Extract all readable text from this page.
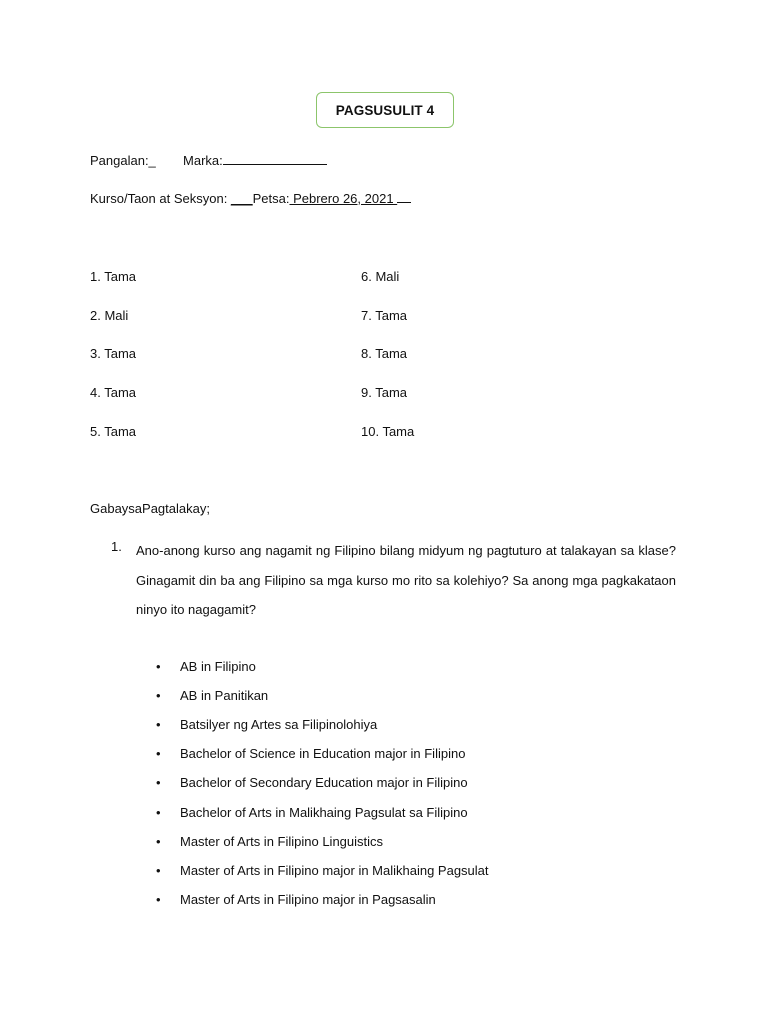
PAGSUSULIT 4
Pangalan:_ Marka:
Kurso/Taon at Seksyon: ___Petsa: Pebrero 26, 2021
1. Tama
2. Mali
3. Tama
4. Tama
5. Tama
6. Mali
7. Tama
8. Tama
9. Tama
10. Tama
GabaysaPagtalakay;
1. Ano-anong kurso ang nagamit ng Filipino bilang midyum ng pagtuturo at talakayan sa klase? Ginagamit din ba ang Filipino sa mga kurso mo rito sa kolehiyo? Sa anong mga pagkakataon ninyo ito nagagamit?
•	AB in Filipino
•	AB in Panitikan
•	Batsilyer ng Artes sa Filipinolohiya
•	Bachelor of Science in Education major in Filipino
•	Bachelor of Secondary Education major in Filipino
•	Bachelor of Arts in Malikhaing Pagsulat sa Filipino
•	Master of Arts in Filipino Linguistics
•	Master of Arts in Filipino major in Malikhaing Pagsulat
•	Master of Arts in Filipino major in Pagsasalin
